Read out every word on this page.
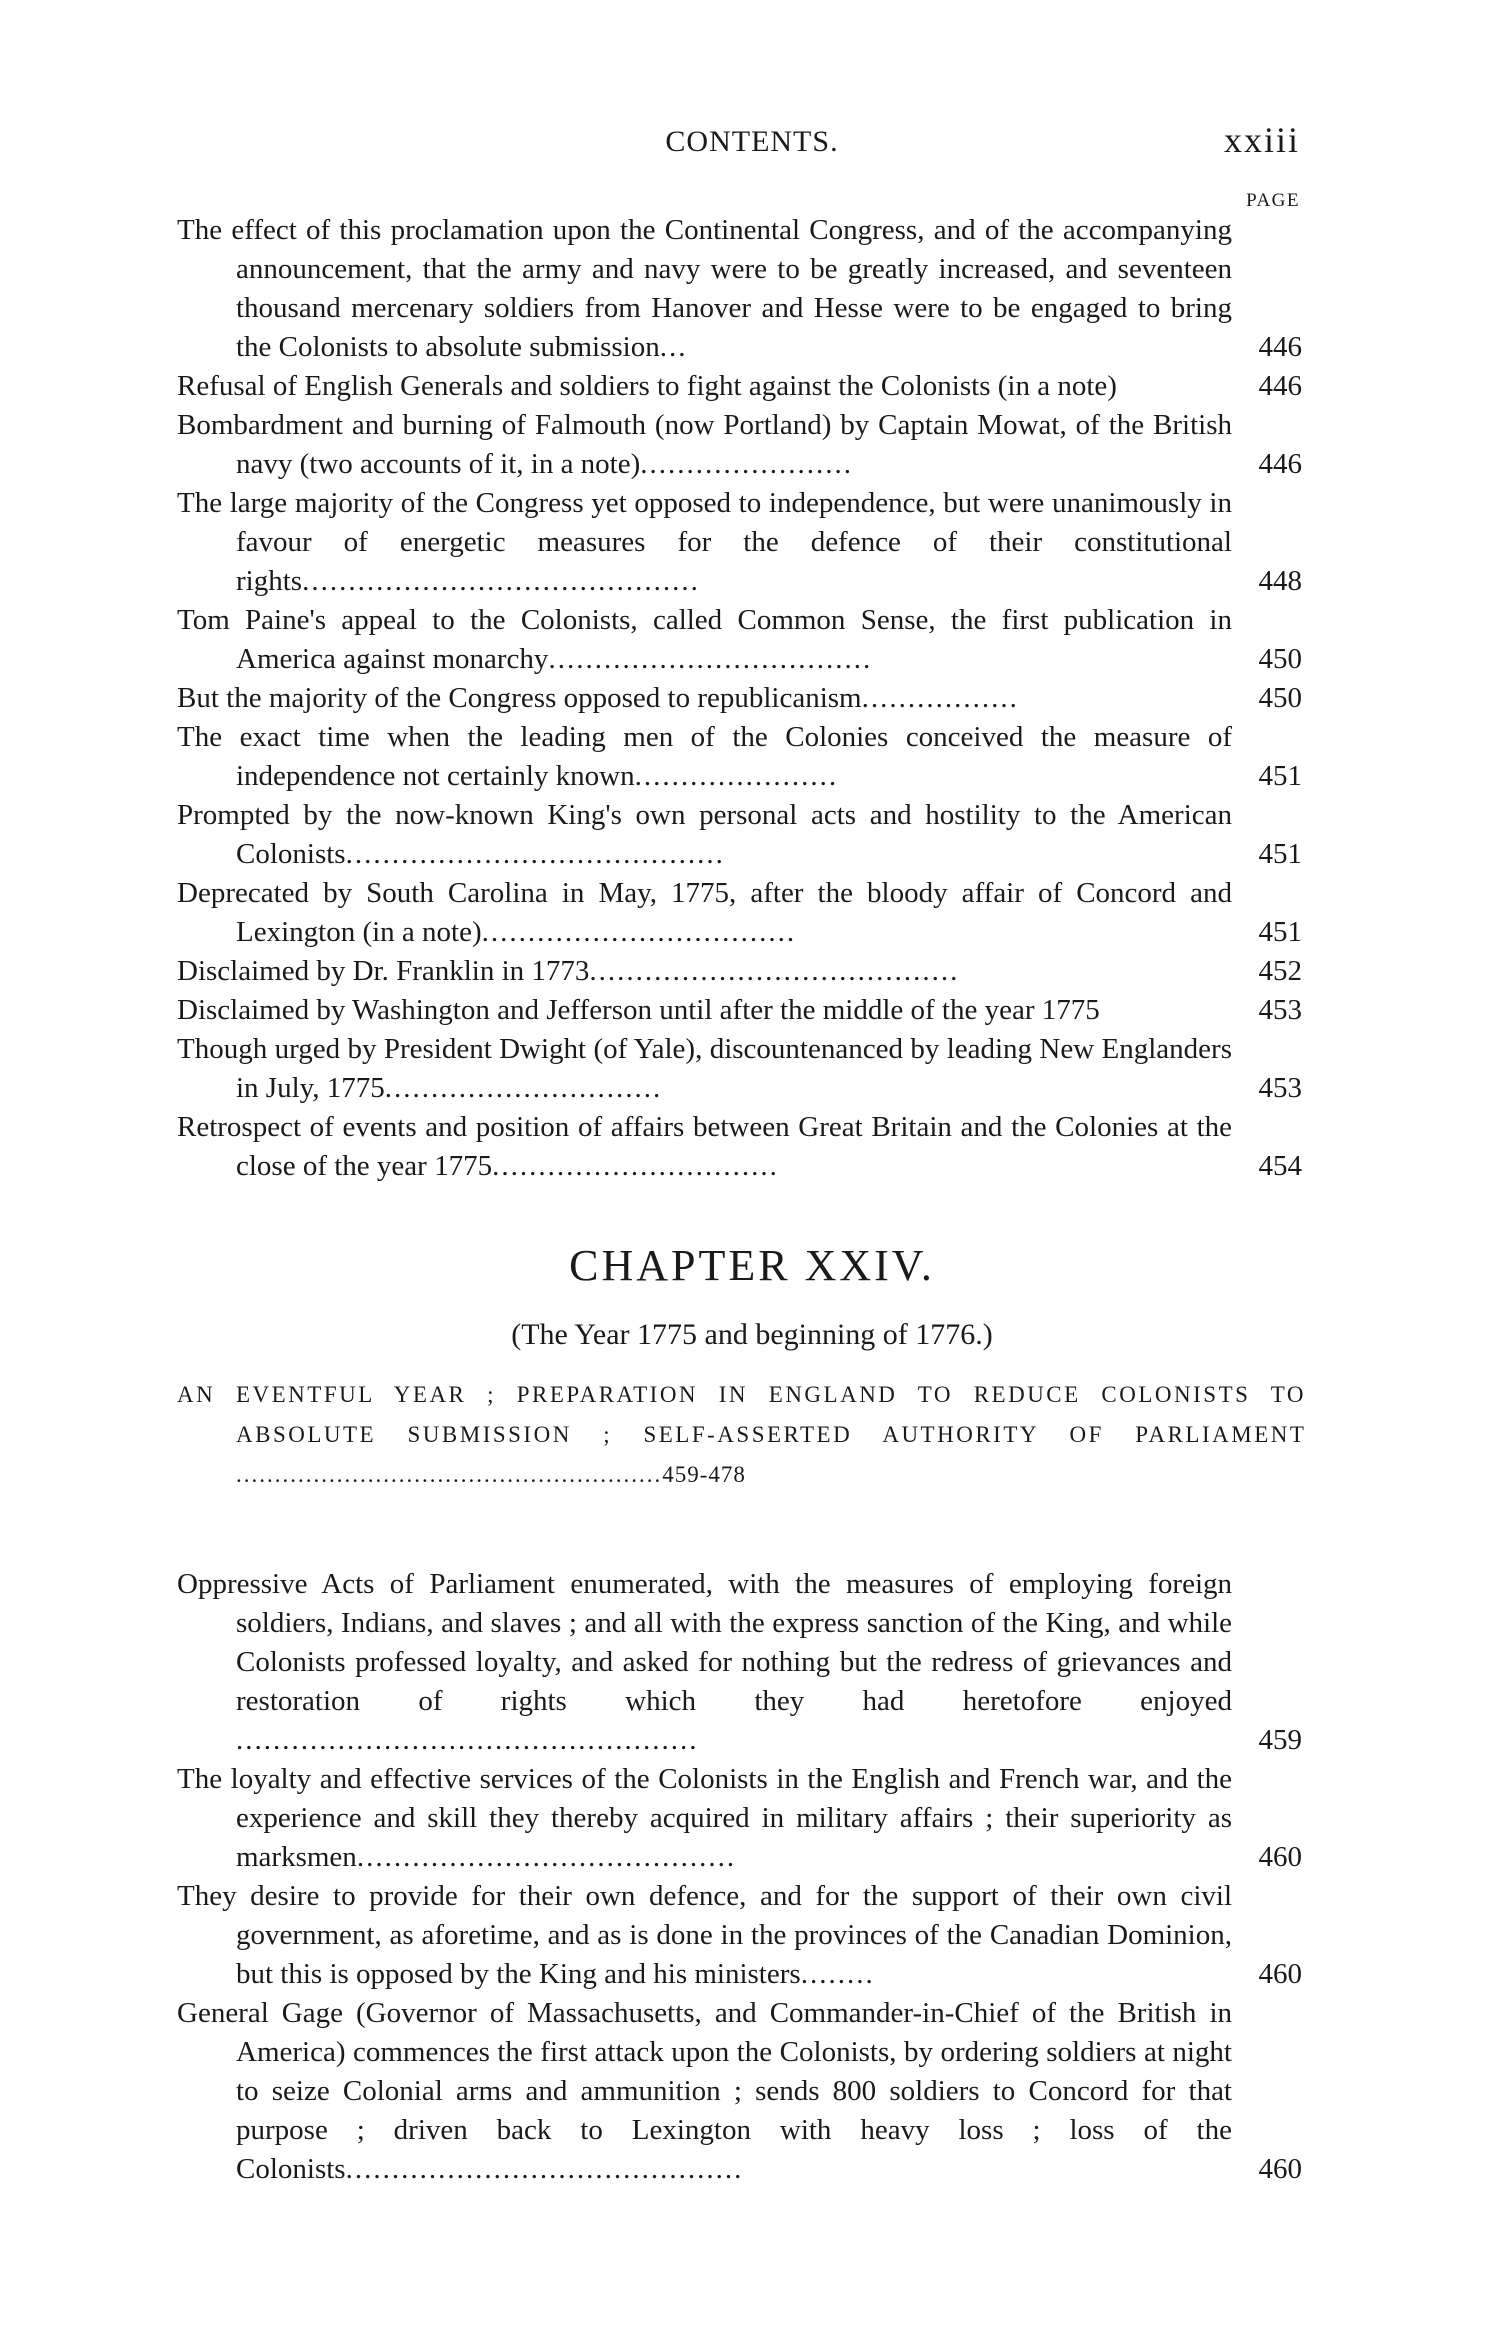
CONTENTS.	xxiii
PAGE
The effect of this proclamation upon the Continental Congress, and of the accompanying announcement, that the army and navy were to be greatly increased, and seventeen thousand mercenary soldiers from Hanover and Hesse were to be engaged to bring the Colonists to absolute submission...	446
Refusal of English Generals and soldiers to fight against the Colonists (in a note)	446
Bombardment and burning of Falmouth (now Portland) by Captain Mowat, of the British navy (two accounts of it, in a note).......................	446
The large majority of the Congress yet opposed to independence, but were unanimously in favour of energetic measures for the defence of their constitutional rights...........................................	448
Tom Paine's appeal to the Colonists, called Common Sense, the first publication in America against monarchy...................................	450
But the majority of the Congress opposed to republicanism.................	450
The exact time when the leading men of the Colonies conceived the measure of independence not certainly known......................	451
Prompted by the now-known King's own personal acts and hostility to the American Colonists.........................................	451
Deprecated by South Carolina in May, 1775, after the bloody affair of Concord and Lexington (in a note)..................................	451
Disclaimed by Dr. Franklin in 1773........................................	452
Disclaimed by Washington and Jefferson until after the middle of the year 1775	453
Though urged by President Dwight (of Yale), discountenanced by leading New Englanders in July, 1775..............................	453
Retrospect of events and position of affairs between Great Britain and the Colonies at the close of the year 1775...............................	454
CHAPTER XXIV.
(The Year 1775 and beginning of 1776.)
AN EVENTFUL YEAR ; PREPARATION IN ENGLAND TO REDUCE COLONISTS TO ABSOLUTE SUBMISSION ; SELF-ASSERTED AUTHORITY OF PARLIAMENT .......................................................459-478
Oppressive Acts of Parliament enumerated, with the measures of employing foreign soldiers, Indians, and slaves ; and all with the express sanction of the King, and while Colonists professed loyalty, and asked for nothing but the redress of grievances and restoration of rights which they had heretofore enjoyed ..................................................	459
The loyalty and effective services of the Colonists in the English and French war, and the experience and skill they thereby acquired in military affairs ; their superiority as marksmen.........................................	460
They desire to provide for their own defence, and for the support of their own civil government, as aforetime, and as is done in the provinces of the Canadian Dominion, but this is opposed by the King and his ministers........	460
General Gage (Governor of Massachusetts, and Commander-in-Chief of the British in America) commences the first attack upon the Colonists, by ordering soldiers at night to seize Colonial arms and ammunition ; sends 800 soldiers to Concord for that purpose ; driven back to Lexington with heavy loss ; loss of the Colonists...........................................	460
